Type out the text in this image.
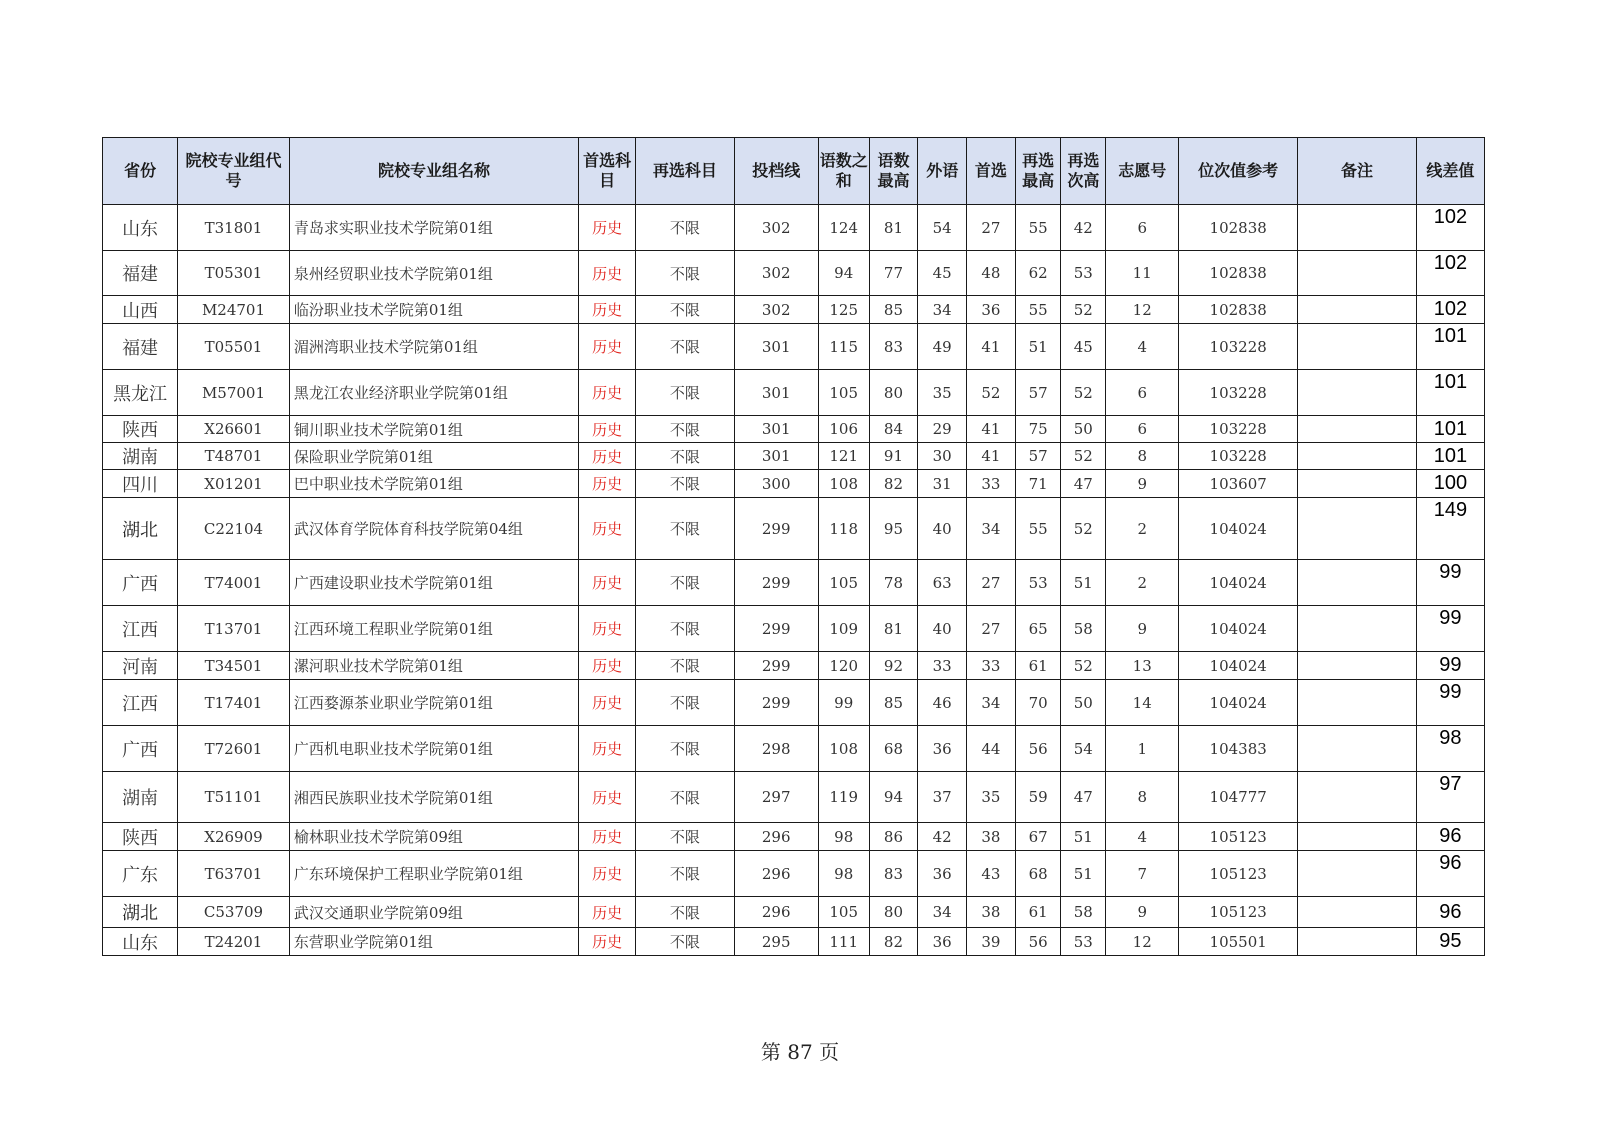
省份	院校专业组代号	院校专业组名称	首选科目	再选科目	投档线	语数之和	语数最高	外语	首选	再选最高	再选次高	志愿号	位次值参考	备注	线差值
山东	T31801	青岛求实职业技术学院第01组	历史	不限	302	124	81	54	27	55	42	6	102838		102
福建	T05301	泉州经贸职业技术学院第01组	历史	不限	302	94	77	45	48	62	53	11	102838		102
山西	M24701	临汾职业技术学院第01组	历史	不限	302	125	85	34	36	55	52	12	102838		102
福建	T05501	湄洲湾职业技术学院第01组	历史	不限	301	115	83	49	41	51	45	4	103228		101
黑龙江	M57001	黑龙江农业经济职业学院第01组	历史	不限	301	105	80	35	52	57	52	6	103228		101
陕西	X26601	铜川职业技术学院第01组	历史	不限	301	106	84	29	41	75	50	6	103228		101
湖南	T48701	保险职业学院第01组	历史	不限	301	121	91	30	41	57	52	8	103228		101
四川	X01201	巴中职业技术学院第01组	历史	不限	300	108	82	31	33	71	47	9	103607		100
湖北	C22104	武汉体育学院体育科技学院第04组	历史	不限	299	118	95	40	34	55	52	2	104024		149
广西	T74001	广西建设职业技术学院第01组	历史	不限	299	105	78	63	27	53	51	2	104024		99
江西	T13701	江西环境工程职业学院第01组	历史	不限	299	109	81	40	27	65	58	9	104024		99
河南	T34501	漯河职业技术学院第01组	历史	不限	299	120	92	33	33	61	52	13	104024		99
江西	T17401	江西婺源茶业职业学院第01组	历史	不限	299	99	85	46	34	70	50	14	104024		99
广西	T72601	广西机电职业技术学院第01组	历史	不限	298	108	68	36	44	56	54	1	104383		98
湖南	T51101	湘西民族职业技术学院第01组	历史	不限	297	119	94	37	35	59	47	8	104777		97
陕西	X26909	榆林职业技术学院第09组	历史	不限	296	98	86	42	38	67	51	4	105123		96
广东	T63701	广东环境保护工程职业学院第01组	历史	不限	296	98	83	36	43	68	51	7	105123		96
湖北	C53709	武汉交通职业学院第09组	历史	不限	296	105	80	34	38	61	58	9	105123		96
山东	T24201	东营职业学院第01组	历史	不限	295	111	82	36	39	56	53	12	105501		95
第 87 页
